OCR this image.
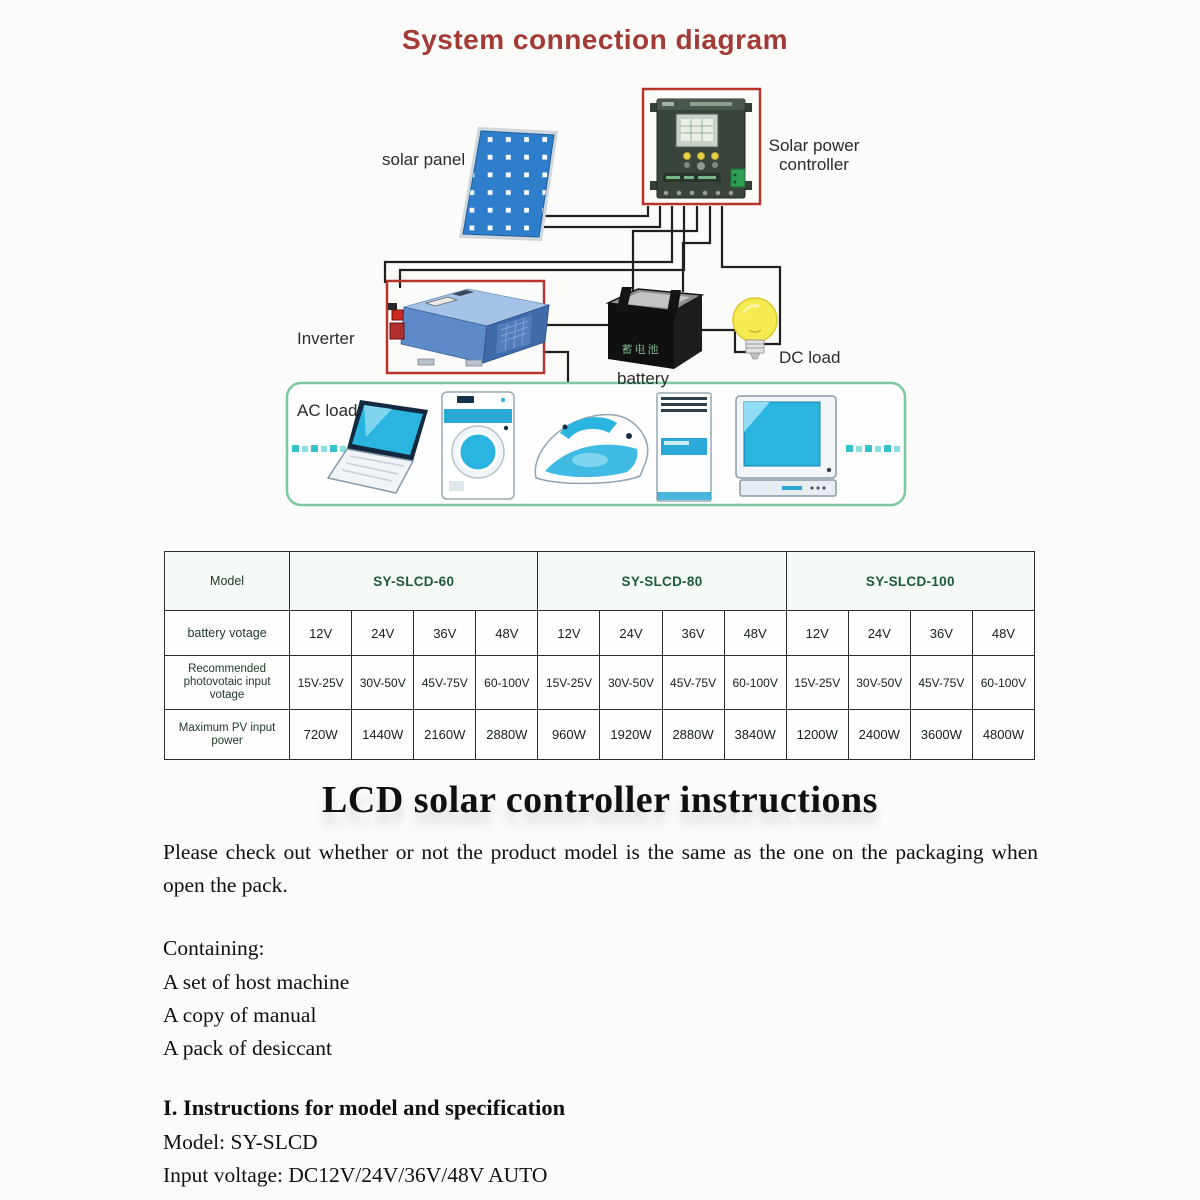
System connection diagram
蓄电池
solar panel
Solar power
controller
Inverter
battery
DC load
AC load
Model	SY-SLCD-60				SY-SLCD-80				SY-SLCD-100			
battery votage	12V	24V	36V	48V	12V	24V	36V	48V	12V	24V	36V	48V
Recommended photovotaic input votage	15V-25V	30V-50V	45V-75V	60-100V	15V-25V	30V-50V	45V-75V	60-100V	15V-25V	30V-50V	45V-75V	60-100V
Maximum PV input power	720W	1440W	2160W	2880W	960W	1920W	2880W	3840W	1200W	2400W	3600W	4800W
LCD solar controller instructions
Please check out whether or not the product model is the same as the one on the packaging when open the pack.
Containing:
A set of host machine
A copy of manual
A pack of desiccant
I. Instructions for model and specification
Model: SY-SLCD
Input voltage: DC12V/24V/36V/48V AUTO
